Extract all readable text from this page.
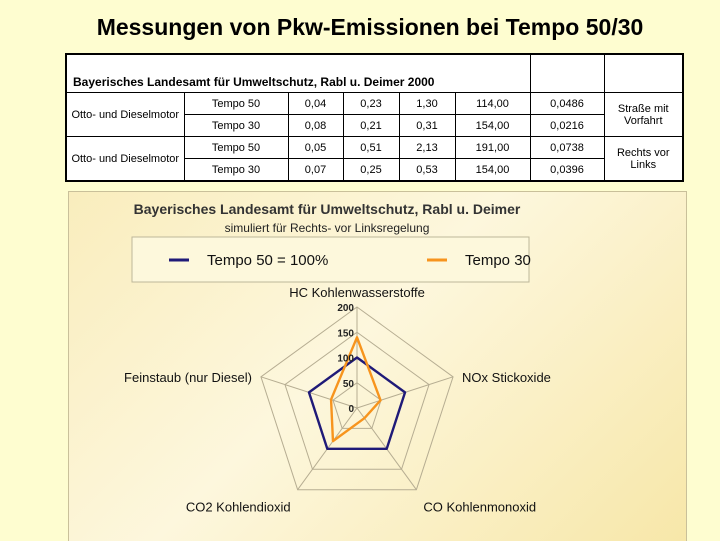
Messungen von Pkw-Emissionen bei Tempo 50/30
Bayerisches Landesamt für Umweltschutz, Rabl u. Deimer 2000							
Otto- und Dieselmotor	Tempo 50	0,04	0,23	1,30	114,00	0,0486	Straße mit Vorfahrt
	Tempo 30	0,08	0,21	0,31	154,00	0,0216	
Otto- und Dieselmotor	Tempo 50	0,05	0,51	2,13	191,00	0,0738	Rechts vor Links
	Tempo 30	0,07	0,25	0,53	154,00	0,0396	
Bayerisches Landesamt für Umweltschutz, Rabl u. Deimer
simuliert für Rechts- vor Linksregelung
Tempo 50 = 100%	Tempo 30
0
50
100
150
200
HC Kohlenwasserstoffe
NOx Stickoxide
CO Kohlenmonoxid
CO2 Kohlendioxid
Feinstaub (nur Diesel)
